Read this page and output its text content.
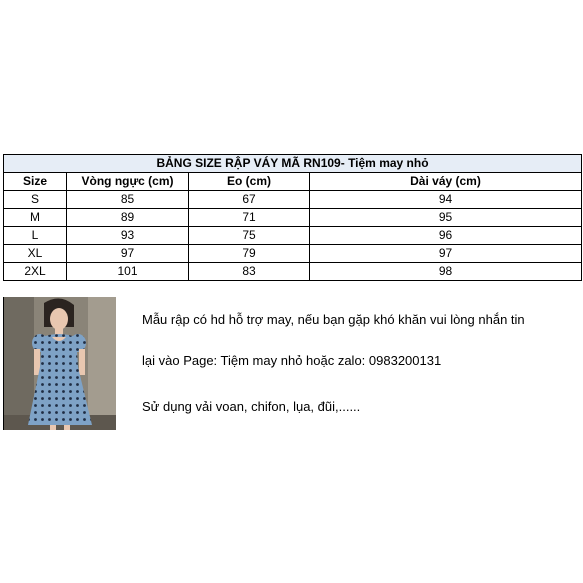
BẢNG SIZE RẬP VÁY MÃ RN109- Tiệm may nhỏ			
Size	Vòng ngực (cm)	Eo (cm)	Dài váy (cm)
S	85	67	94
M	89	71	95
L	93	75	96
XL	97	79	97
2XL	101	83	98
Mẫu rập có hd hỗ trợ may, nếu bạn gặp khó khăn vui lòng nhắn tin
lại vào Page: Tiệm may nhỏ hoặc zalo: 0983200131
Sử dụng vải voan, chifon, lụa, đũi,......
